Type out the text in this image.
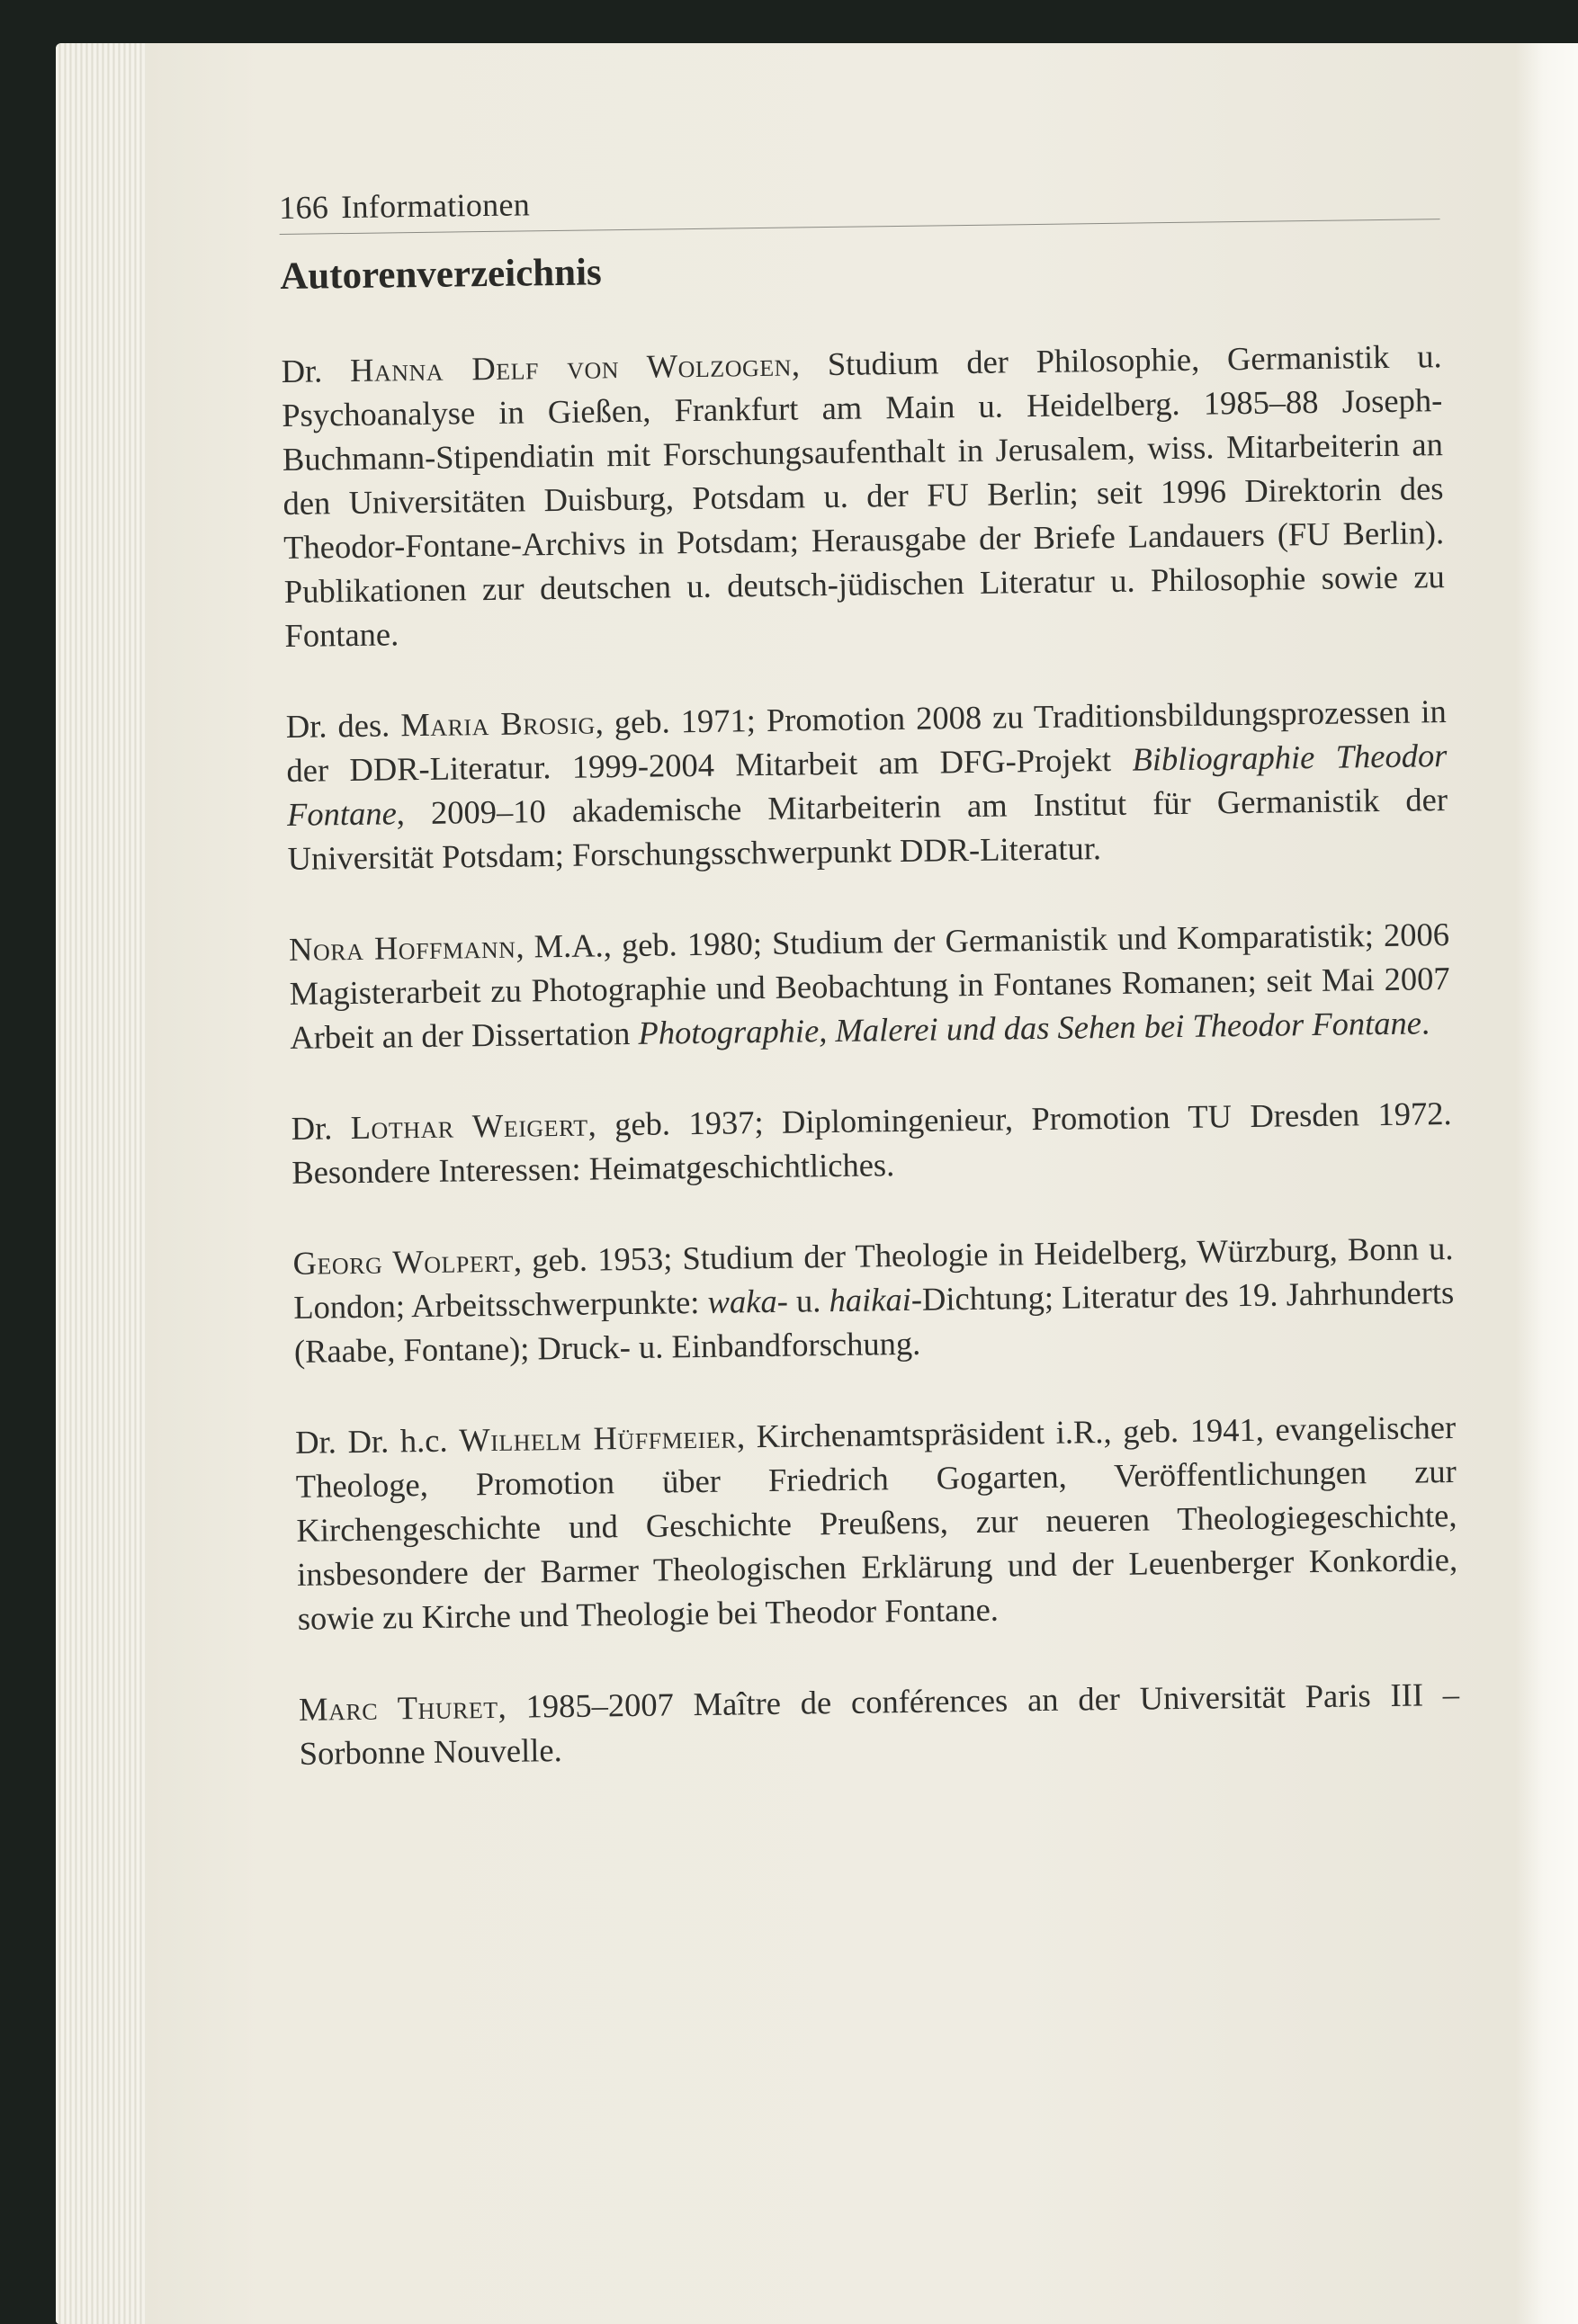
166 Informationen
Autorenverzeichnis

Dr. Hanna Delf von Wolzogen, Studium der Philosophie, Germanistik u. Psychoanalyse in Gießen, Frankfurt am Main u. Heidelberg. 1985–88 Joseph-Buchmann-Stipendiatin mit Forschungsaufenthalt in Jerusalem, wiss. Mitarbeiterin an den Universitäten Duisburg, Potsdam u. der FU Berlin; seit 1996 Direktorin des Theodor-Fontane-Archivs in Potsdam; Herausgabe der Briefe Landauers (FU Berlin). Publikationen zur deutschen u. deutsch-jüdischen Literatur u. Philosophie sowie zu Fontane.

Dr. des. Maria Brosig, geb. 1971; Promotion 2008 zu Traditionsbildungsprozessen in der DDR-Literatur. 1999-2004 Mitarbeit am DFG-Projekt Bibliographie Theodor Fontane, 2009–10 akademische Mitarbeiterin am Institut für Germanistik der Universität Potsdam; Forschungsschwerpunkt DDR-Literatur.

Nora Hoffmann, M.A., geb. 1980; Studium der Germanistik und Komparatistik; 2006 Magisterarbeit zu Photographie und Beobachtung in Fontanes Romanen; seit Mai 2007 Arbeit an der Dissertation Photographie, Malerei und das Sehen bei Theodor Fontane.

Dr. Lothar Weigert, geb. 1937; Diplomingenieur, Promotion TU Dresden 1972. Besondere Interessen: Heimatgeschichtliches.

Georg Wolpert, geb. 1953; Studium der Theologie in Heidelberg, Würzburg, Bonn u. London; Arbeitsschwerpunkte: waka- u. haikai-Dichtung; Literatur des 19. Jahrhunderts (Raabe, Fontane); Druck- u. Einbandforschung.

Dr. Dr. h.c. Wilhelm Hüffmeier, Kirchenamtspräsident i.R., geb. 1941, evangelischer Theologe, Promotion über Friedrich Gogarten, Veröffentlichungen zur Kirchengeschichte und Geschichte Preußens, zur neueren Theologiegeschichte, insbesondere der Barmer Theologischen Erklärung und der Leuenberger Konkordie, sowie zu Kirche und Theologie bei Theodor Fontane.

Marc Thuret, 1985–2007 Maître de conférences an der Universität Paris III – Sorbonne Nouvelle.
